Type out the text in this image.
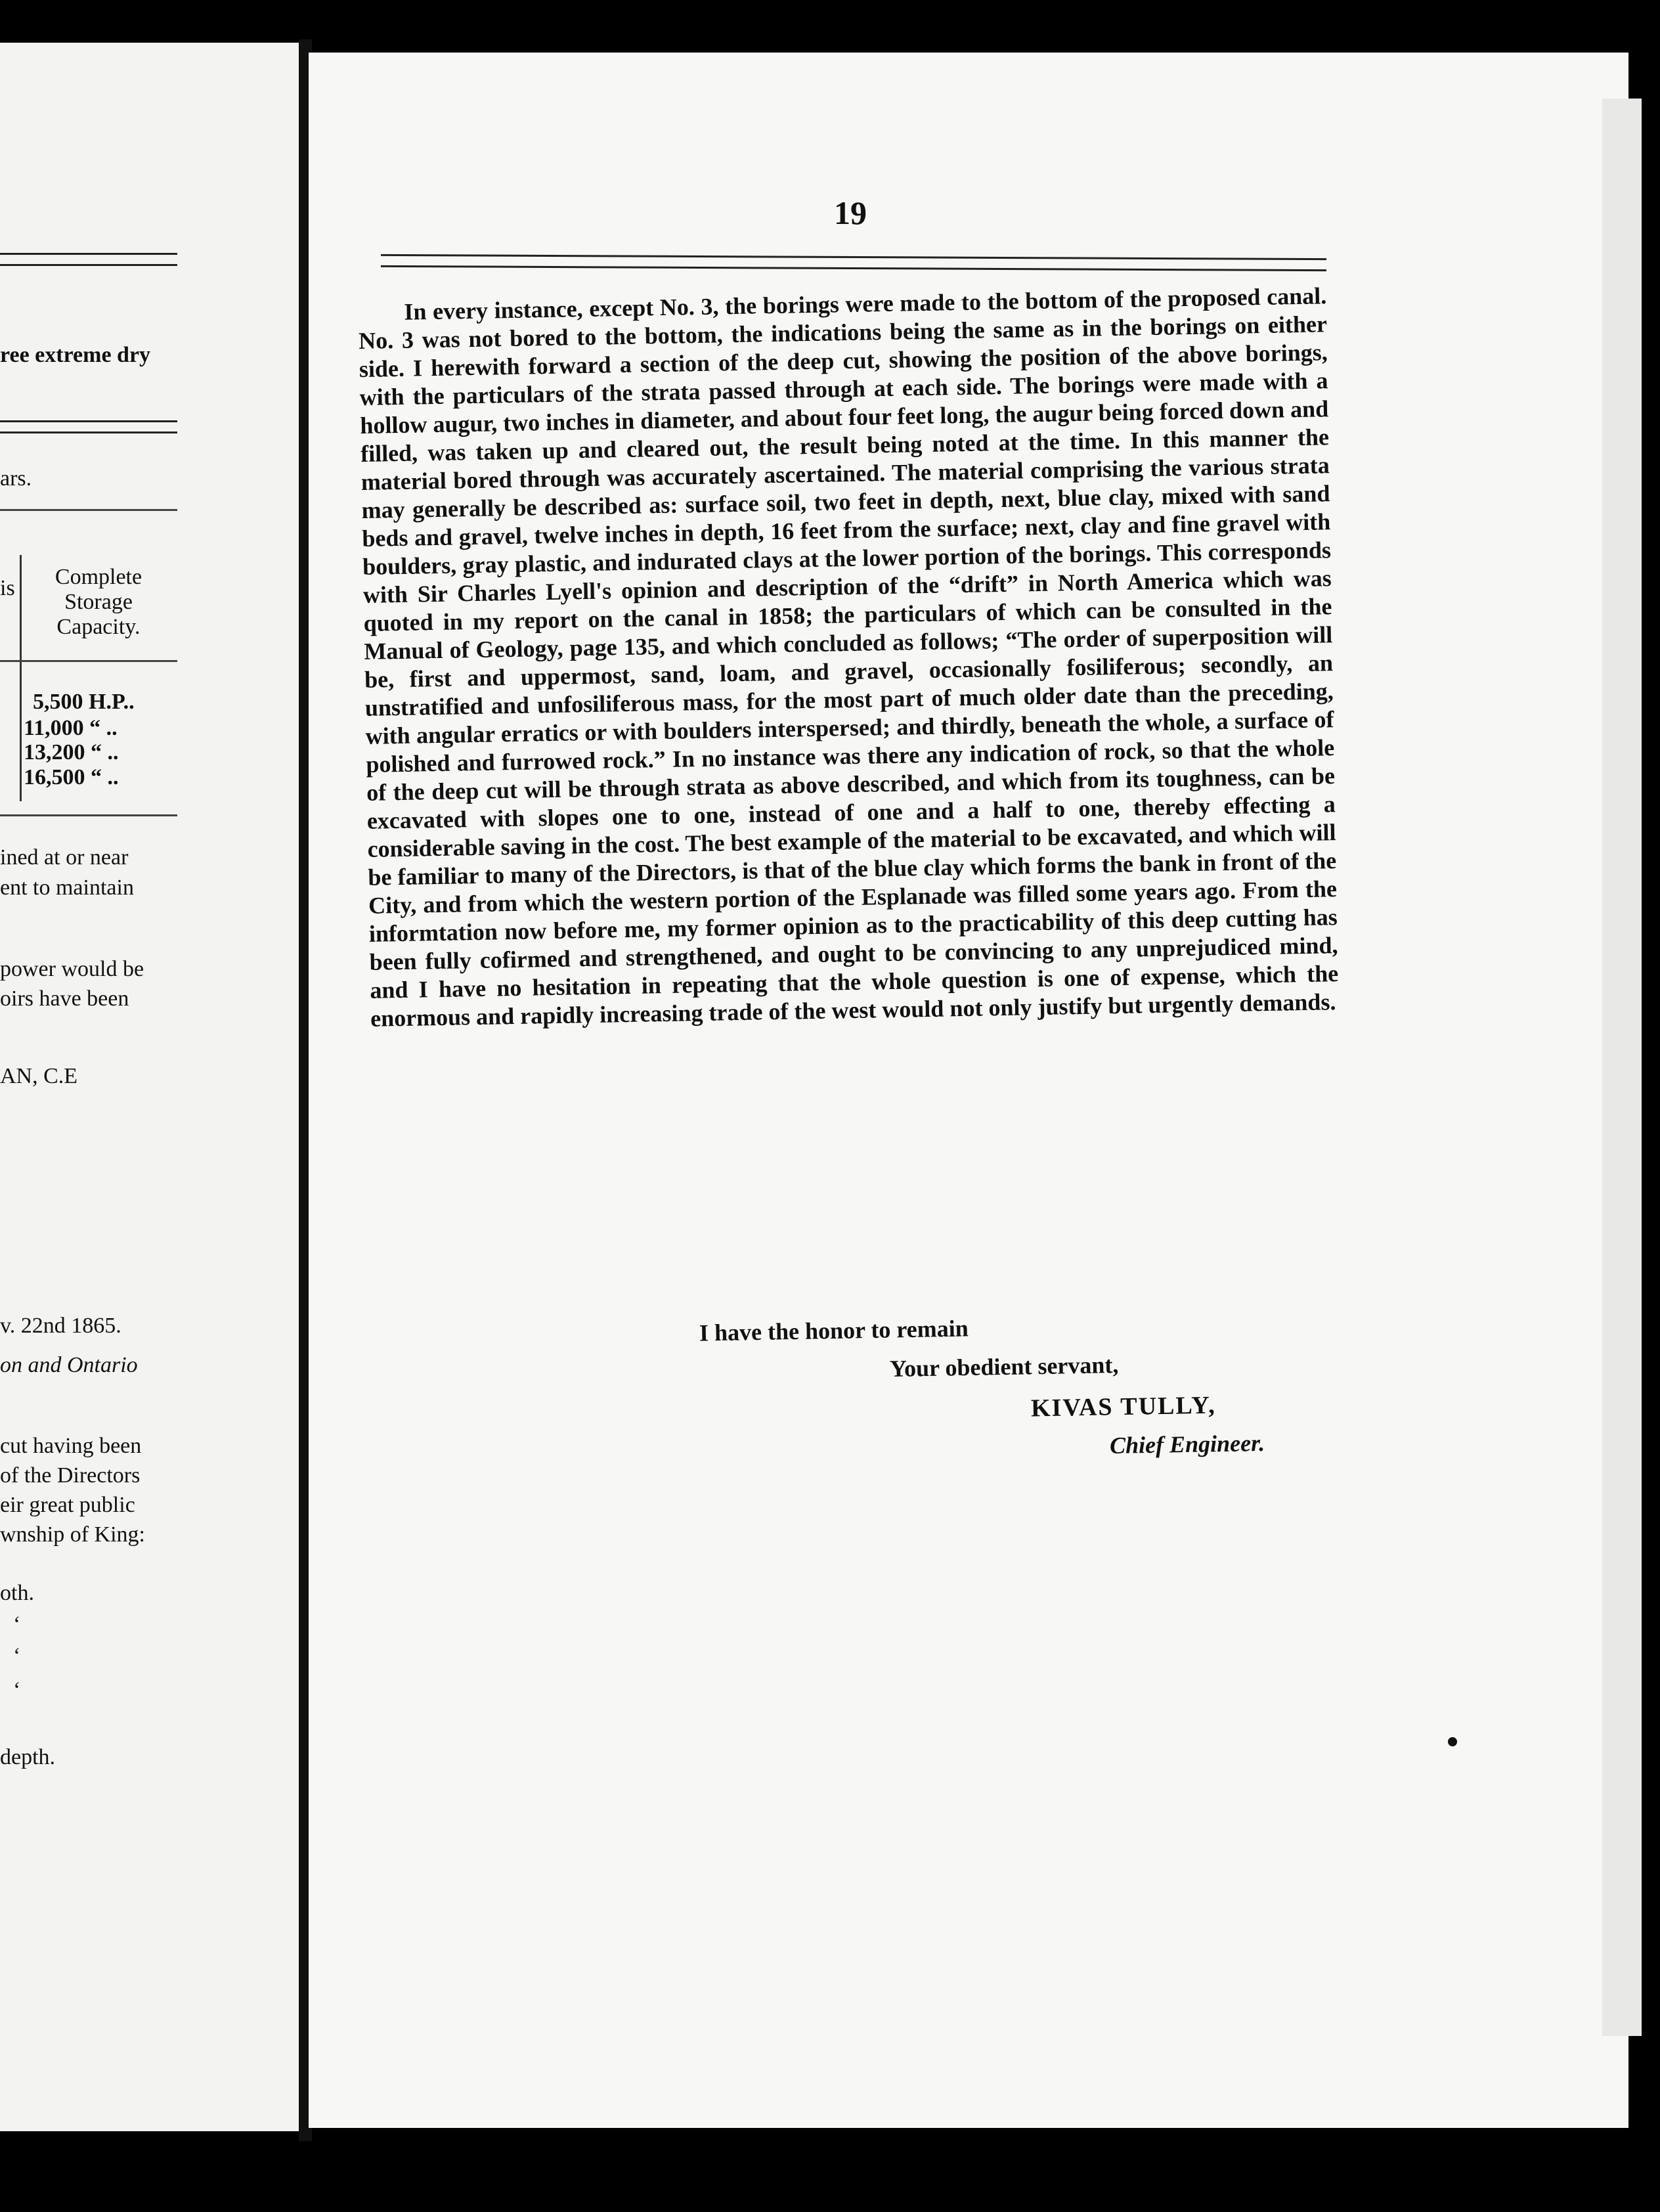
ree extreme dry
ars.
is	Complete
Storage
Capacity.
5,500 H.P..
11,000 “ ..
13,200 “ ..
16,500 “ ..
ined at or near
ent to maintain
power would be
oirs have been
AN, C.E
v. 22nd 1865.
on and Ontario
cut having been
of the Directors
eir great public
wnship of King:
oth.
‘
‘
‘
depth.
19

In every instance, except No. 3, the borings were made to the bottom of the proposed canal. No. 3 was not bored to the bottom, the indications being the same as in the borings on either side. I herewith forward a section of the deep cut, showing the position of the above borings, with the particulars of the strata passed through at each side. The borings were made with a hollow augur, two inches in diameter, and about four feet long, the augur being forced down and filled, was taken up and cleared out, the result being noted at the time. In this manner the material bored through was accurately ascertained. The material comprising the various strata may generally be described as: surface soil, two feet in depth, next, blue clay, mixed with sand beds and gravel, twelve inches in depth, 16 feet from the surface; next, clay and fine gravel with boulders, gray plastic, and indurated clays at the lower portion of the borings. This corresponds with Sir Charles Lyell's opinion and description of the “drift” in North America which was quoted in my report on the canal in 1858; the particulars of which can be consulted in the Manual of Geology, page 135, and which concluded as follows; “The order of superposition will be, first and uppermost, sand, loam, and gravel, occasionally fosiliferous; secondly, an unstratified and unfosiliferous mass, for the most part of much older date than the preceding, with angular erratics or with boulders interspersed; and thirdly, beneath the whole, a surface of polished and furrowed rock.” In no instance was there any indication of rock, so that the whole of the deep cut will be through strata as above described, and which from its toughness, can be excavated with slopes one to one, instead of one and a half to one, thereby effecting a considerable saving in the cost. The best example of the material to be excavated, and which will be familiar to many of the Directors, is that of the blue clay which forms the bank in front of the City, and from which the western portion of the Esplanade was filled some years ago. From the informtation now before me, my former opinion as to the practicability of this deep cutting has been fully cofirmed and strengthened, and ought to be convincing to any unprejudiced mind, and I have no hesitation in repeating that the whole question is one of expense, which the enormous and rapidly increasing trade of the west would not only justify but urgently demands.

I have the honor to remain
Your obedient servant,
KIVAS TULLY,
Chief Engineer.
